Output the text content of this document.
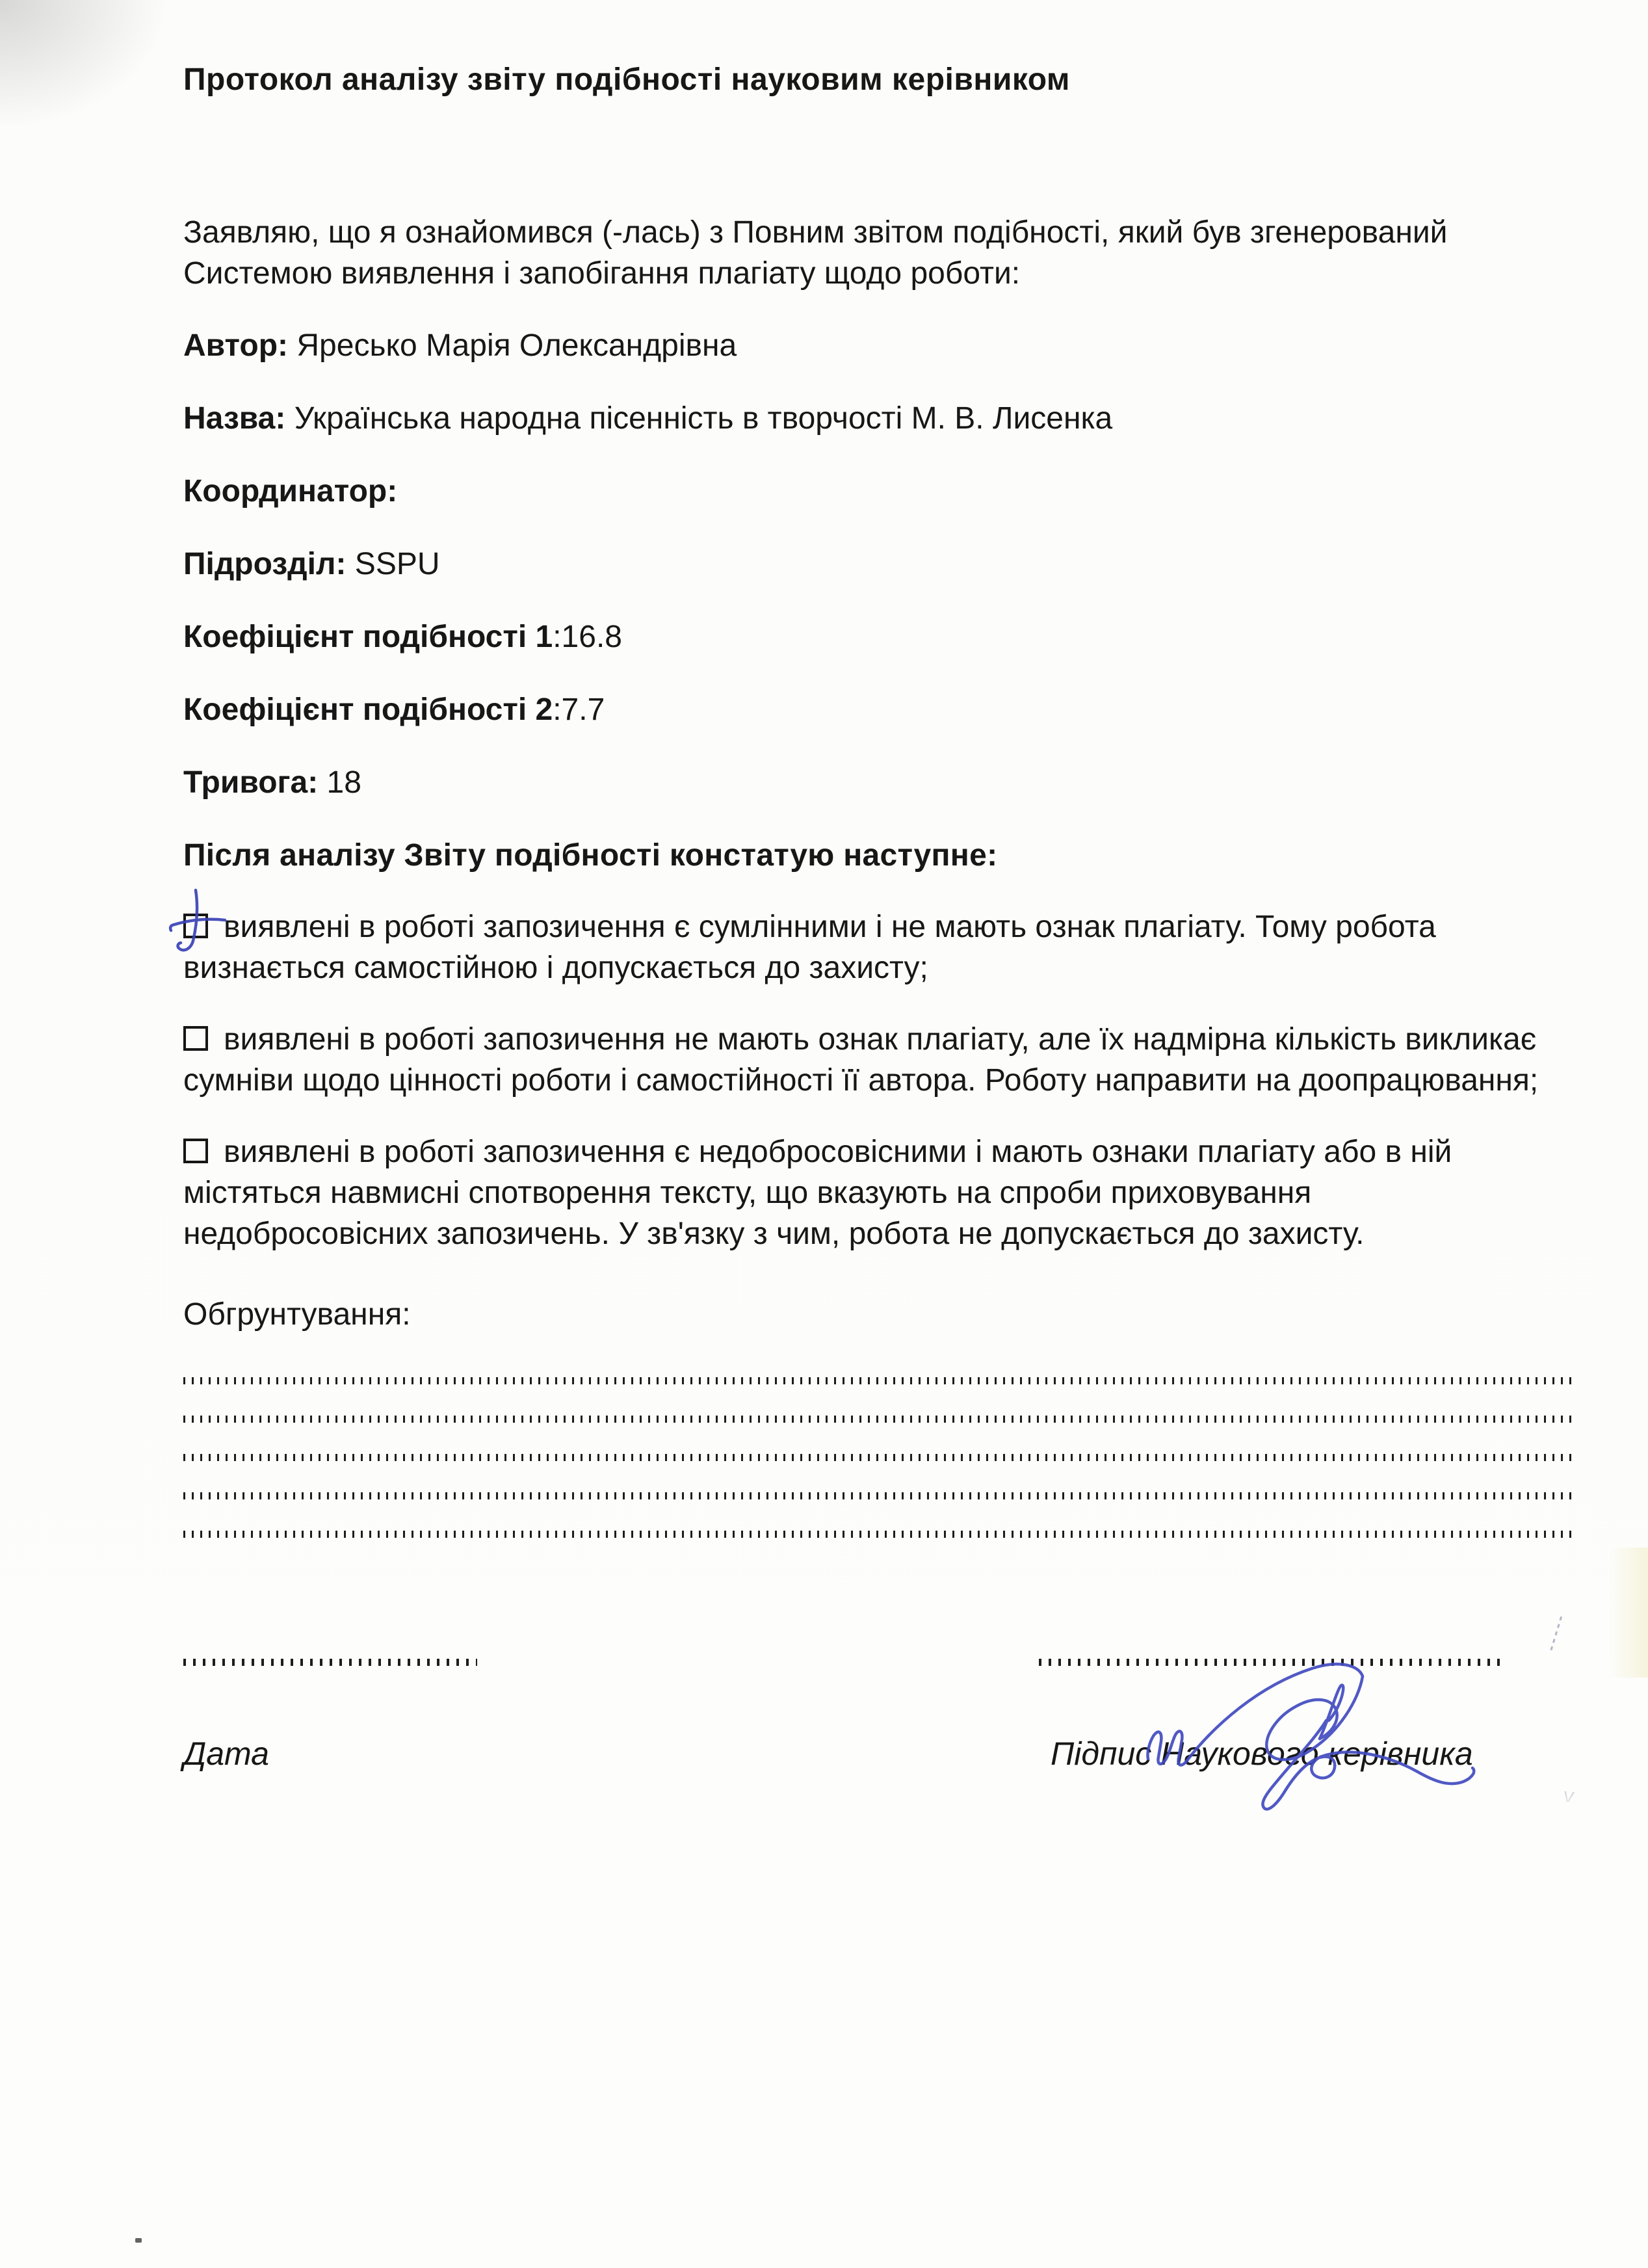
Протокол аналізу звіту подібності науковим керівником

Заявляю, що я ознайомився (-лась) з Повним звітом подібності, який був згенерований Системою виявлення і запобігання плагіату щодо роботи:

Автор: Яресько Марія Олександрівна

Назва: Українська народна пісенність в творчості М. В. Лисенка

Координатор:

Підрозділ: SSPU

Коефіцієнт подібності 1:16.8

Коефіцієнт подібності 2:7.7

Тривога: 18

Після аналізу Звіту подібності констатую наступне:

виявлені в роботі запозичення є сумлінними і не мають ознак плагіату. Тому робота визнається самостійною і допускається до захисту;

виявлені в роботі запозичення не мають ознак плагіату, але їх надмірна кількість викликає сумніви щодо цінності роботи і самостійності її автора. Роботу направити на доопрацювання;

виявлені в роботі запозичення є недобросовісними і мають ознаки плагіату або в ній містяться навмисні спотворення тексту, що вказують на спроби приховування недобросовісних запозичень. У зв'язку з чим, робота не допускається до захисту.

Обгрунтування:

Дата	Підпис Наукового керівника
